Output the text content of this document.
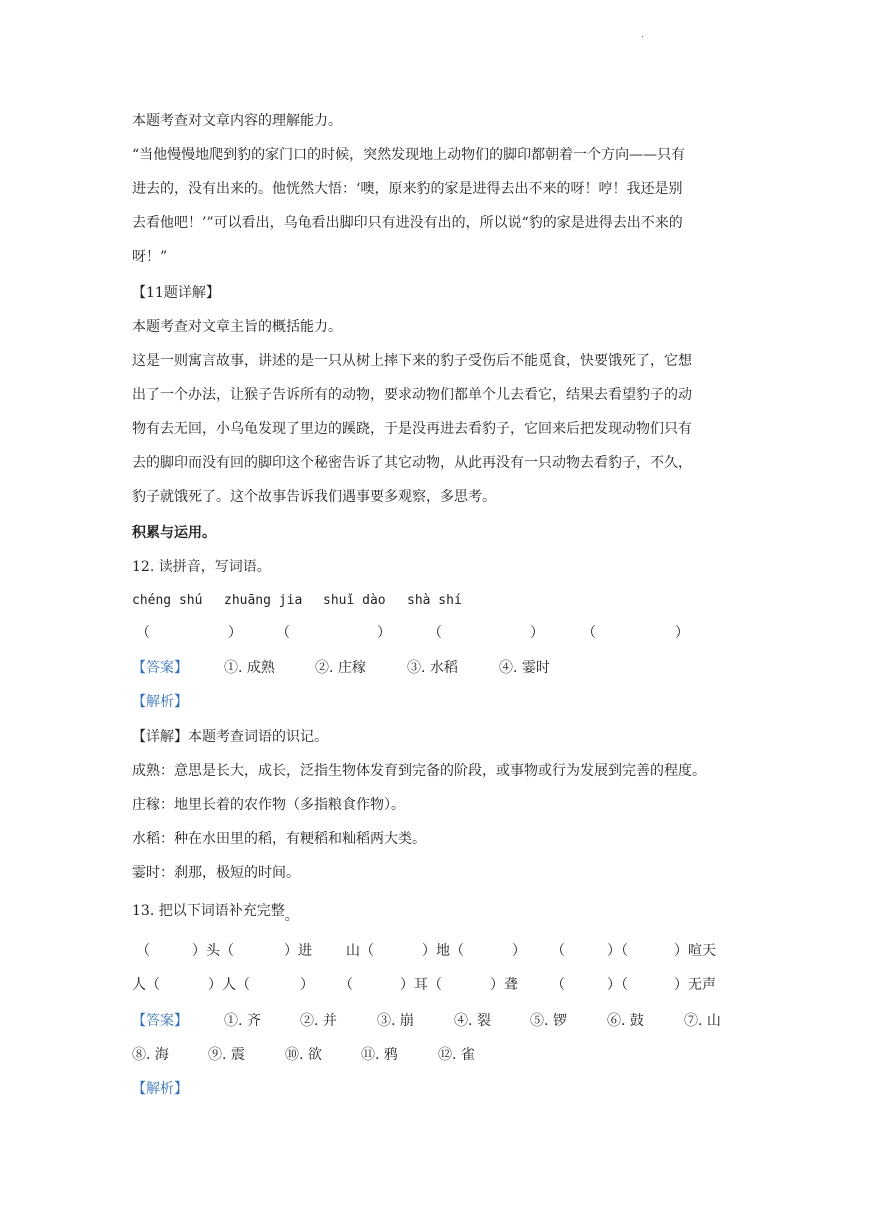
.
本题考查对文章内容的理解能力。
“当他慢慢地爬到豹的家门口的时候，突然发现地上动物们的脚印都朝着一个方向——只有
进去的，没有出来的。他恍然大悟：‘噢，原来豹的家是进得去出不来的呀！哼！我还是别
去看他吧！’”可以看出，乌龟看出脚印只有进没有出的，所以说“豹的家是进得去出不来的
呀！”
【11题详解】
本题考查对文章主旨的概括能力。
这是一则寓言故事，讲述的是一只从树上摔下来的豹子受伤后不能觅食，快要饿死了，它想
出了一个办法，让猴子告诉所有的动物，要求动物们都单个儿去看它，结果去看望豹子的动
物有去无回，小乌龟发现了里边的蹊跷，于是没再进去看豹子，它回来后把发现动物们只有
去的脚印而没有回的脚印这个秘密告诉了其它动物，从此再没有一只动物去看豹子，不久，
豹子就饿死了。这个故事告诉我们遇事要多观察，多思考。
积累与运用。
12. 读拼音，写词语。
chéng shú zhuāng jia shuǐ dào shà shí
（	） （	）	（	）	（	）
【答案】	①. 成熟	②. 庄稼	③. 水稻	④. 霎时
【解析】
【详解】本题考查词语的识记。
成熟：意思是长大，成长，泛指生物体发育到完备的阶段，或事物或行为发展到完善的程度。
庄稼：地里长着的农作物（多指粮食作物）。
水稻：种在水田里的稻，有粳稻和籼稻两大类。
霎时：刹那，极短的时间。
13. 把以下词语补充完整。
（	）头（	）进 山（	）地（	） （	）（	）喧天
人（	）人（	） （	）耳（	）聋 （	）（	）无声
【答案】	①. 齐	②. 并	③. 崩	④. 裂	⑤. 锣	⑥. 鼓	⑦. 山
⑧. 海	⑨. 震	⑩. 欲	⑪. 鸦	⑫. 雀
【解析】
